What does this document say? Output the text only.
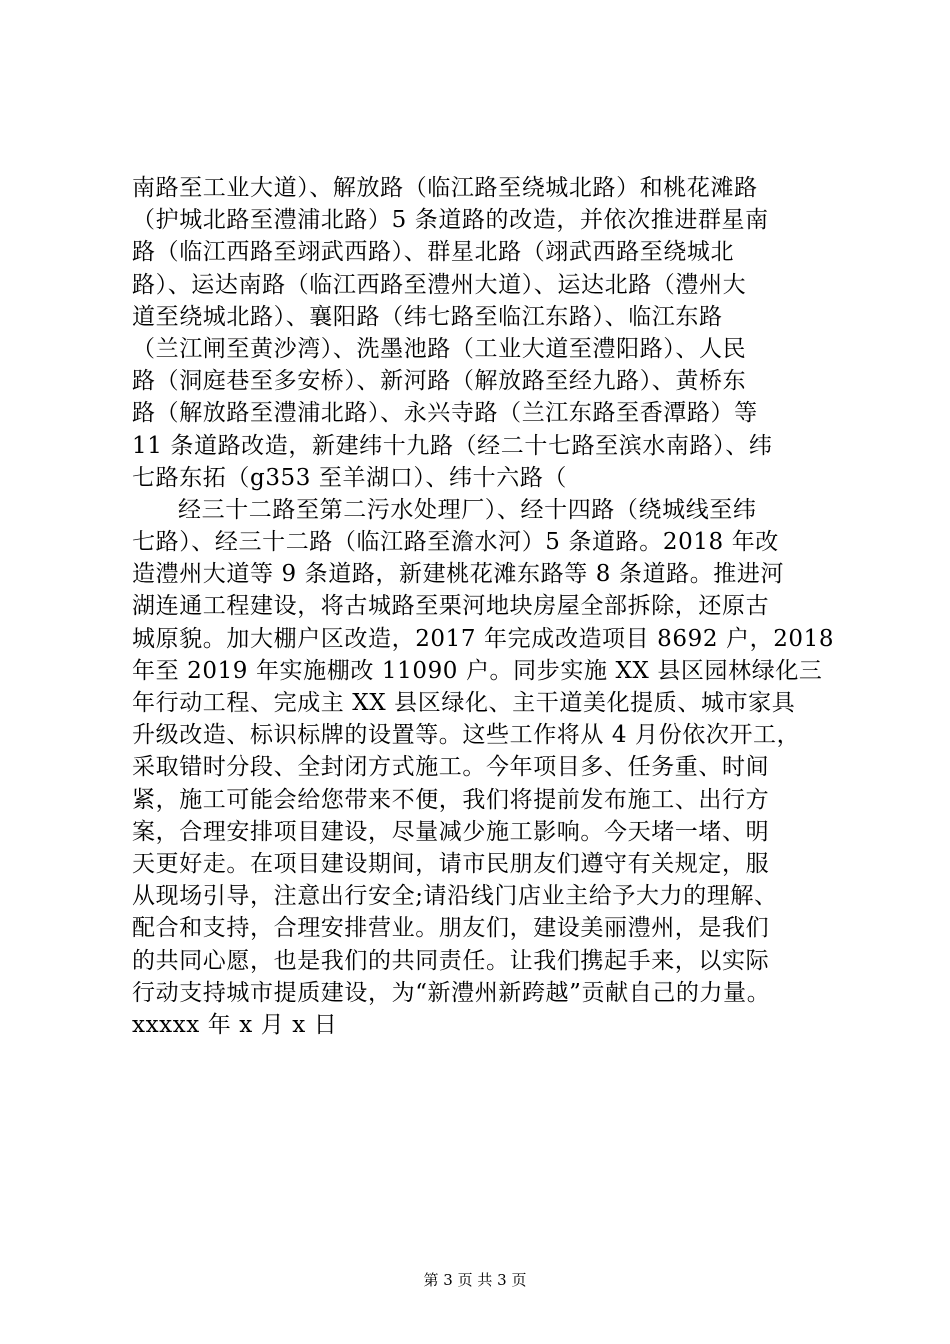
南路至工业大道）、解放路（临江路至绕城北路）和桃花滩路
（护城北路至澧浦北路）5 条道路的改造，并依次推进群星南
路（临江西路至翊武西路）、群星北路（翊武西路至绕城北
路）、运达南路（临江西路至澧州大道）、运达北路（澧州大
道至绕城北路）、襄阳路（纬七路至临江东路）、临江东路
（兰江闸至黄沙湾）、洗墨池路（工业大道至澧阳路）、人民
路（洞庭巷至多安桥）、新河路（解放路至经九路）、黄桥东
路（解放路至澧浦北路）、永兴寺路（兰江东路至香潭路）等
11 条道路改造，新建纬十九路（经二十七路至滨水南路）、纬
七路东拓（g353 至羊湖口）、纬十六路（
经三十二路至第二污水处理厂）、经十四路（绕城线至纬
七路）、经三十二路（临江路至澹水河）5 条道路。2018 年改
造澧州大道等 9 条道路，新建桃花滩东路等 8 条道路。推进河
湖连通工程建设，将古城路至栗河地块房屋全部拆除，还原古
城原貌。加大棚户区改造，2017 年完成改造项目 8692 户，2018
年至 2019 年实施棚改 11090 户。同步实施 XX 县区园林绿化三
年行动工程、完成主 XX 县区绿化、主干道美化提质、城市家具
升级改造、标识标牌的设置等。这些工作将从 4 月份依次开工，
采取错时分段、全封闭方式施工。今年项目多、任务重、时间
紧，施工可能会给您带来不便，我们将提前发布施工、出行方
案，合理安排项目建设，尽量减少施工影响。今天堵一堵、明
天更好走。在项目建设期间，请市民朋友们遵守有关规定，服
从现场引导，注意出行安全;请沿线门店业主给予大力的理解、
配合和支持，合理安排营业。朋友们，建设美丽澧州，是我们
的共同心愿，也是我们的共同责任。让我们携起手来，以实际
行动支持城市提质建设，为“新澧州新跨越”贡献自己的力量。
xxxxx 年 x 月 x 日
第 3 页 共 3 页
